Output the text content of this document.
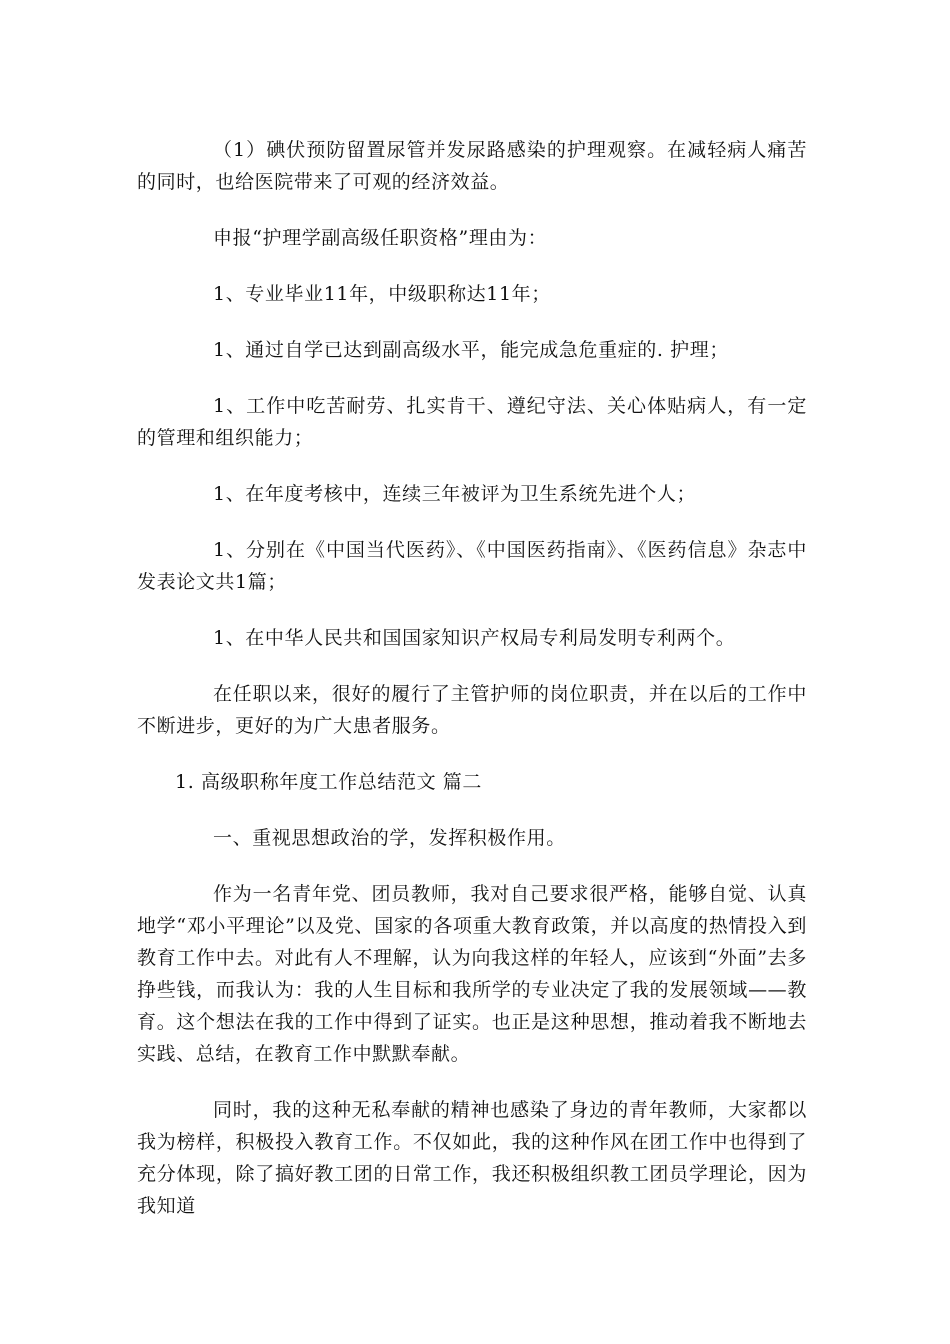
（1）碘伏预防留置尿管并发尿路感染的护理观察。在减轻病人痛苦的同时，也给医院带来了可观的经济效益。

申报“护理学副高级任职资格”理由为：

1、专业毕业11年，中级职称达11年；

1、通过自学已达到副高级水平，能完成急危重症的. 护理；

1、工作中吃苦耐劳、扎实肯干、遵纪守法、关心体贴病人，有一定的管理和组织能力；

1、在年度考核中，连续三年被评为卫生系统先进个人；

1、分别在《中国当代医药》、《中国医药指南》、《医药信息》杂志中发表论文共1篇；

1、在中华人民共和国国家知识产权局专利局发明专利两个。

在任职以来，很好的履行了主管护师的岗位职责，并在以后的工作中不断进步，更好的为广大患者服务。

1. 高级职称年度工作总结范文 篇二

一、重视思想政治的学，发挥积极作用。

作为一名青年党、团员教师，我对自己要求很严格，能够自觉、认真地学“邓小平理论”以及党、国家的各项重大教育政策，并以高度的热情投入到教育工作中去。对此有人不理解，认为向我这样的年轻人，应该到“外面”去多挣些钱，而我认为：我的人生目标和我所学的专业决定了我的发展领域——教育。这个想法在我的工作中得到了证实。也正是这种思想，推动着我不断地去实践、总结，在教育工作中默默奉献。

同时，我的这种无私奉献的精神也感染了身边的青年教师，大家都以我为榜样，积极投入教育工作。不仅如此，我的这种作风在团工作中也得到了充分体现，除了搞好教工团的日常工作，我还积极组织教工团员学理论，因为我知道
